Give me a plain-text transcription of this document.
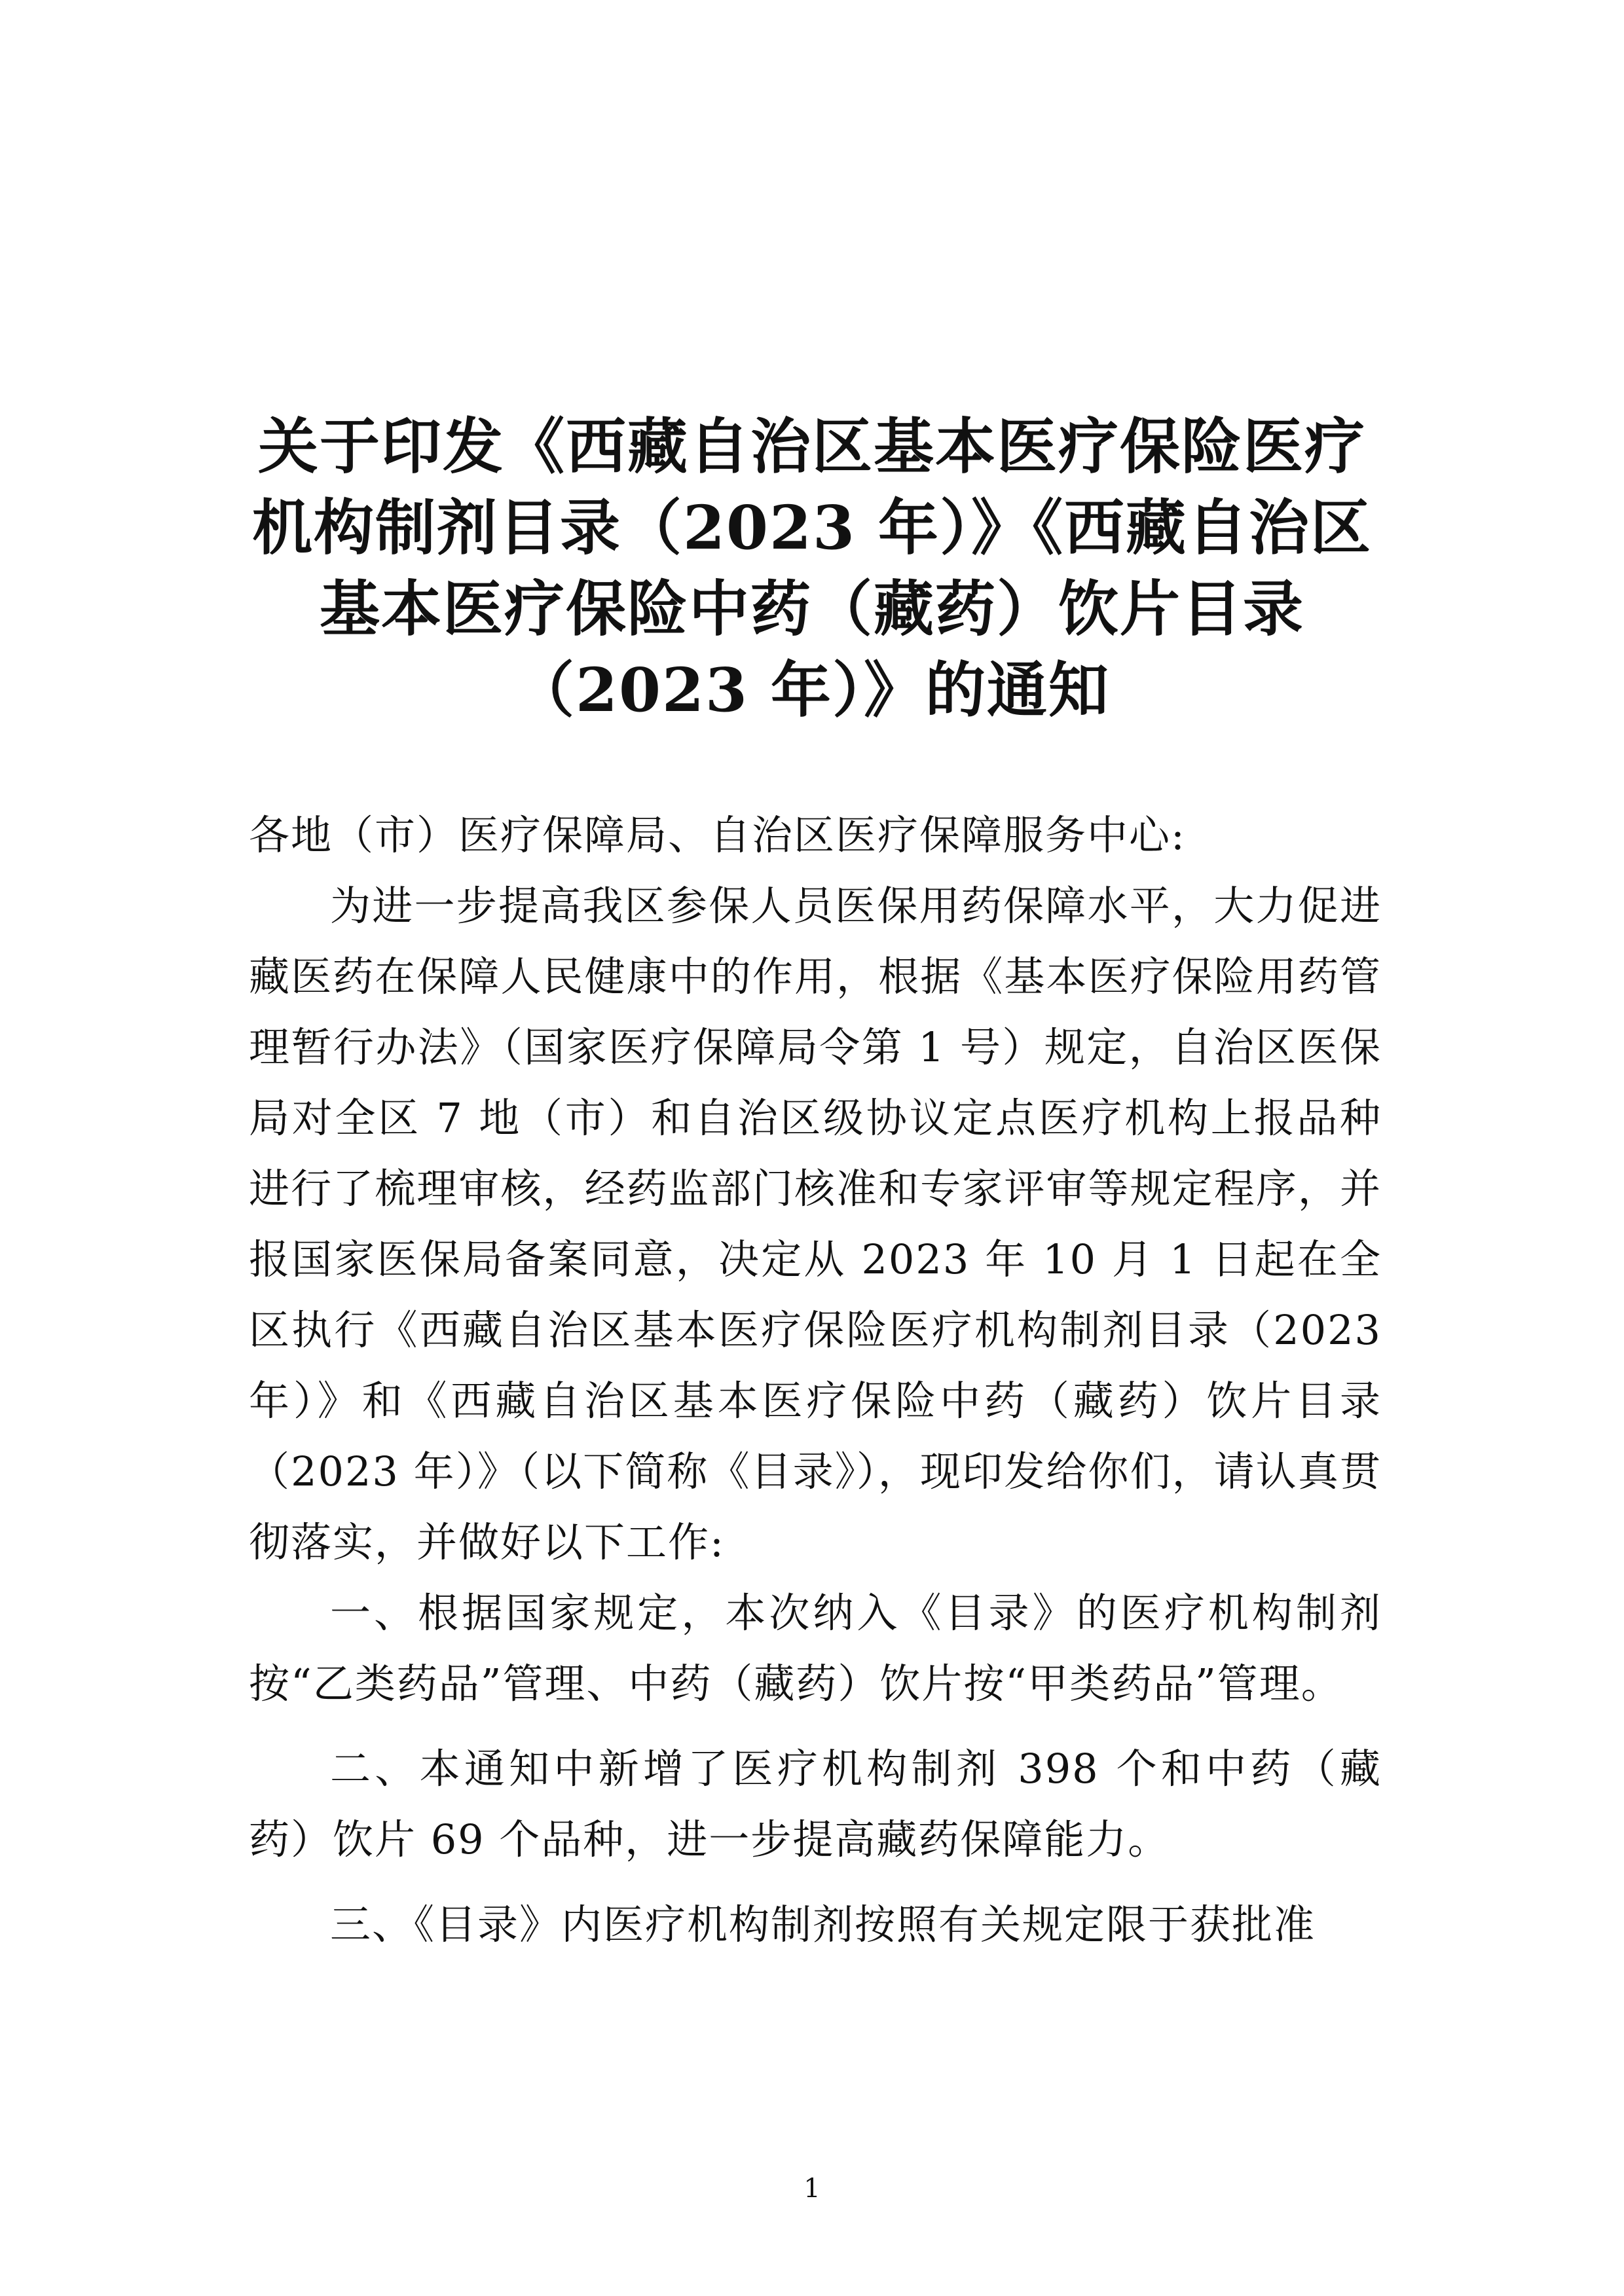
关于印发《西藏自治区基本医疗保险医疗
机构制剂目录（2023 年）》《西藏自治区
基本医疗保险中药（藏药）饮片目录
（2023 年）》的通知

各地（市）医疗保障局、自治区医疗保障服务中心:

为进一步提高我区参保人员医保用药保障水平，大力促进藏医药在保障人民健康中的作用，根据《基本医疗保险用药管理暂行办法》（国家医疗保障局令第 1 号）规定，自治区医保局对全区 7 地（市）和自治区级协议定点医疗机构上报品种进行了梳理审核，经药监部门核准和专家评审等规定程序，并报国家医保局备案同意，决定从 2023 年 10 月 1 日起在全区执行《西藏自治区基本医疗保险医疗机构制剂目录（2023 年）》和《西藏自治区基本医疗保险中药（藏药）饮片目录（2023 年）》（以下简称《目录》），现印发给你们，请认真贯彻落实，并做好以下工作:

一、根据国家规定，本次纳入《目录》的医疗机构制剂按“乙类药品”管理、中药（藏药）饮片按“甲类药品”管理。

二、本通知中新增了医疗机构制剂 398 个和中药（藏药）饮片 69 个品种，进一步提高藏药保障能力。

三、《目录》内医疗机构制剂按照有关规定限于获批准

1
